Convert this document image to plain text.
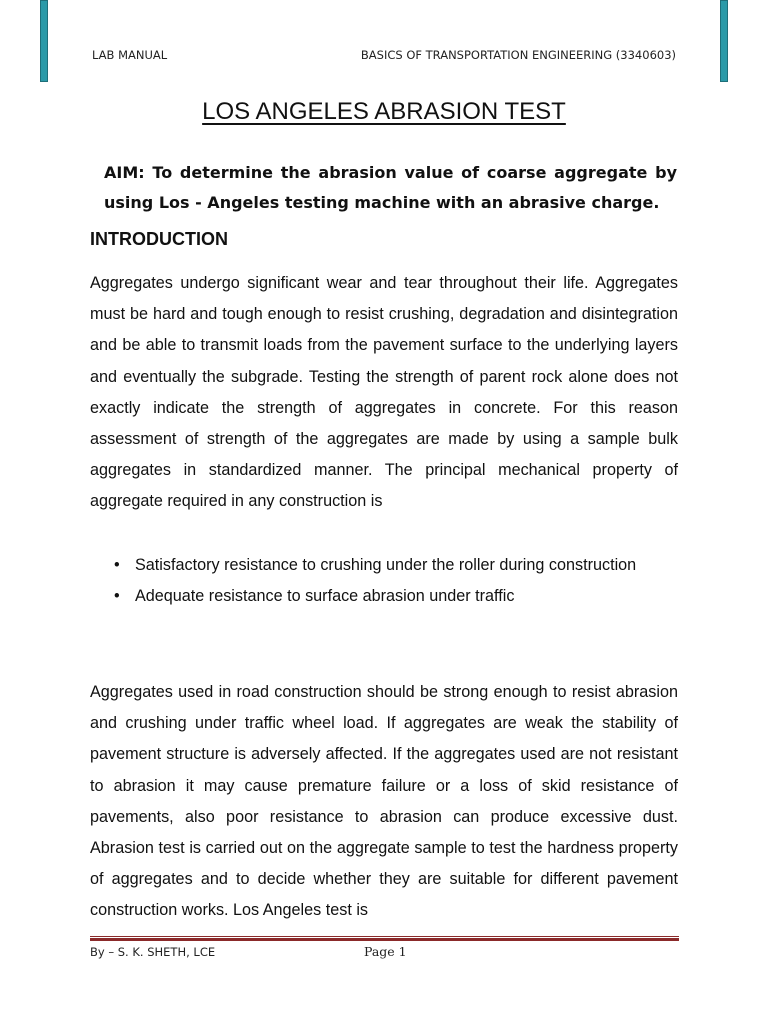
LAB MANUAL	BASICS OF TRANSPORTATION ENGINEERING (3340603)
LOS ANGELES ABRASION TEST

AIM: To determine the abrasion value of coarse aggregate by using Los - Angeles testing machine with an abrasive charge.

INTRODUCTION

Aggregates undergo significant wear and tear throughout their life. Aggregates must be hard and tough enough to resist crushing, degradation and disintegration and be able to transmit loads from the pavement surface to the underlying layers and eventually the subgrade. Testing the strength of parent rock alone does not exactly indicate the strength of aggregates in concrete. For this reason assessment of strength of the aggregates are made by using a sample bulk aggregates in standardized manner. The principal mechanical property of aggregate required in any construction is

• Satisfactory resistance to crushing under the roller during construction
• Adequate resistance to surface abrasion under traffic

Aggregates used in road construction should be strong enough to resist abrasion and crushing under traffic wheel load. If aggregates are weak the stability of pavement structure is adversely affected. If the aggregates used are not resistant to abrasion it may cause premature failure or a loss of skid resistance of pavements, also poor resistance to abrasion can produce excessive dust. Abrasion test is carried out on the aggregate sample to test the hardness property of aggregates and to decide whether they are suitable for different pavement construction works. Los Angeles test is

By – S. K. SHETH, LCE	Page 1
